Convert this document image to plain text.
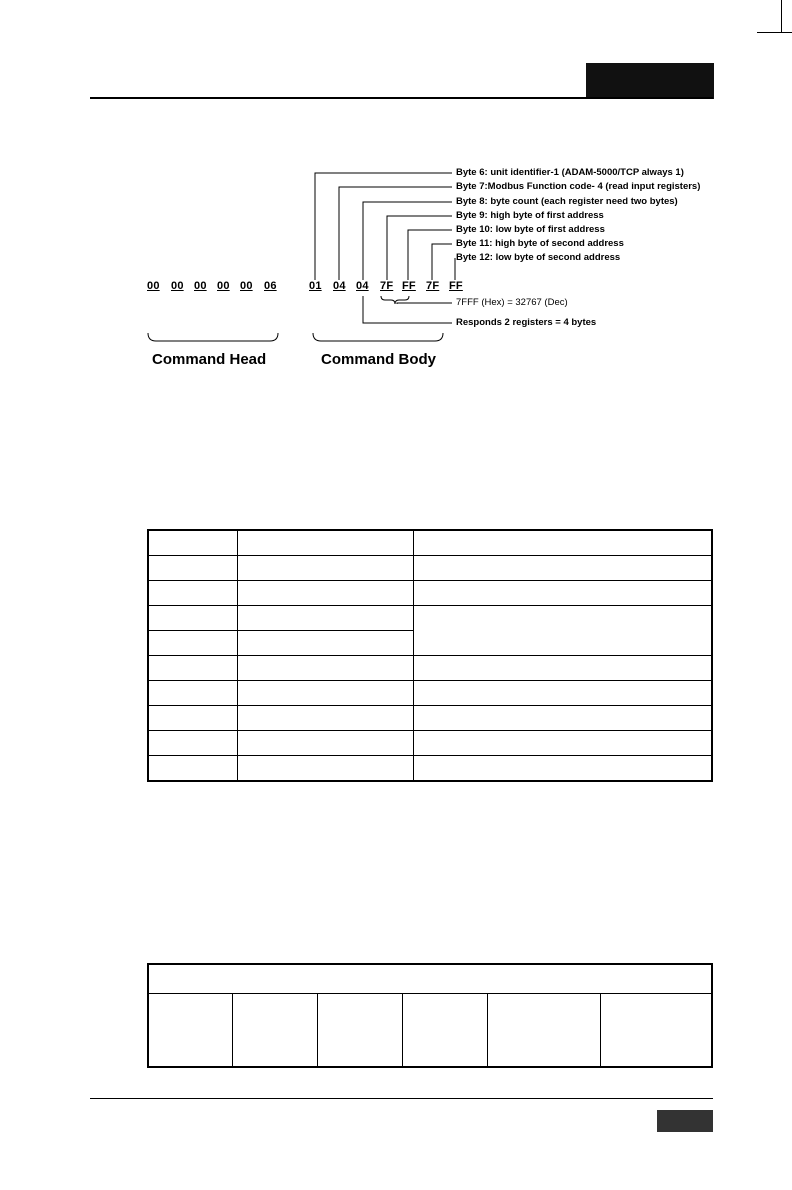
00 00 00 00 00 06	01 04 04 7F FF 7F FF
Byte 6: unit identifier-1 (ADAM-5000/TCP always 1)
Byte 7:Modbus Function code- 4 (read input registers)
Byte 8: byte count (each register need two bytes)
Byte 9: high byte of first address
Byte 10: low byte of first address
Byte 11: high byte of second address
Byte 12: low byte of second address
7FFF (Hex) = 32767 (Dec)
Responds 2 registers = 4 bytes
Command Head	Command Body
